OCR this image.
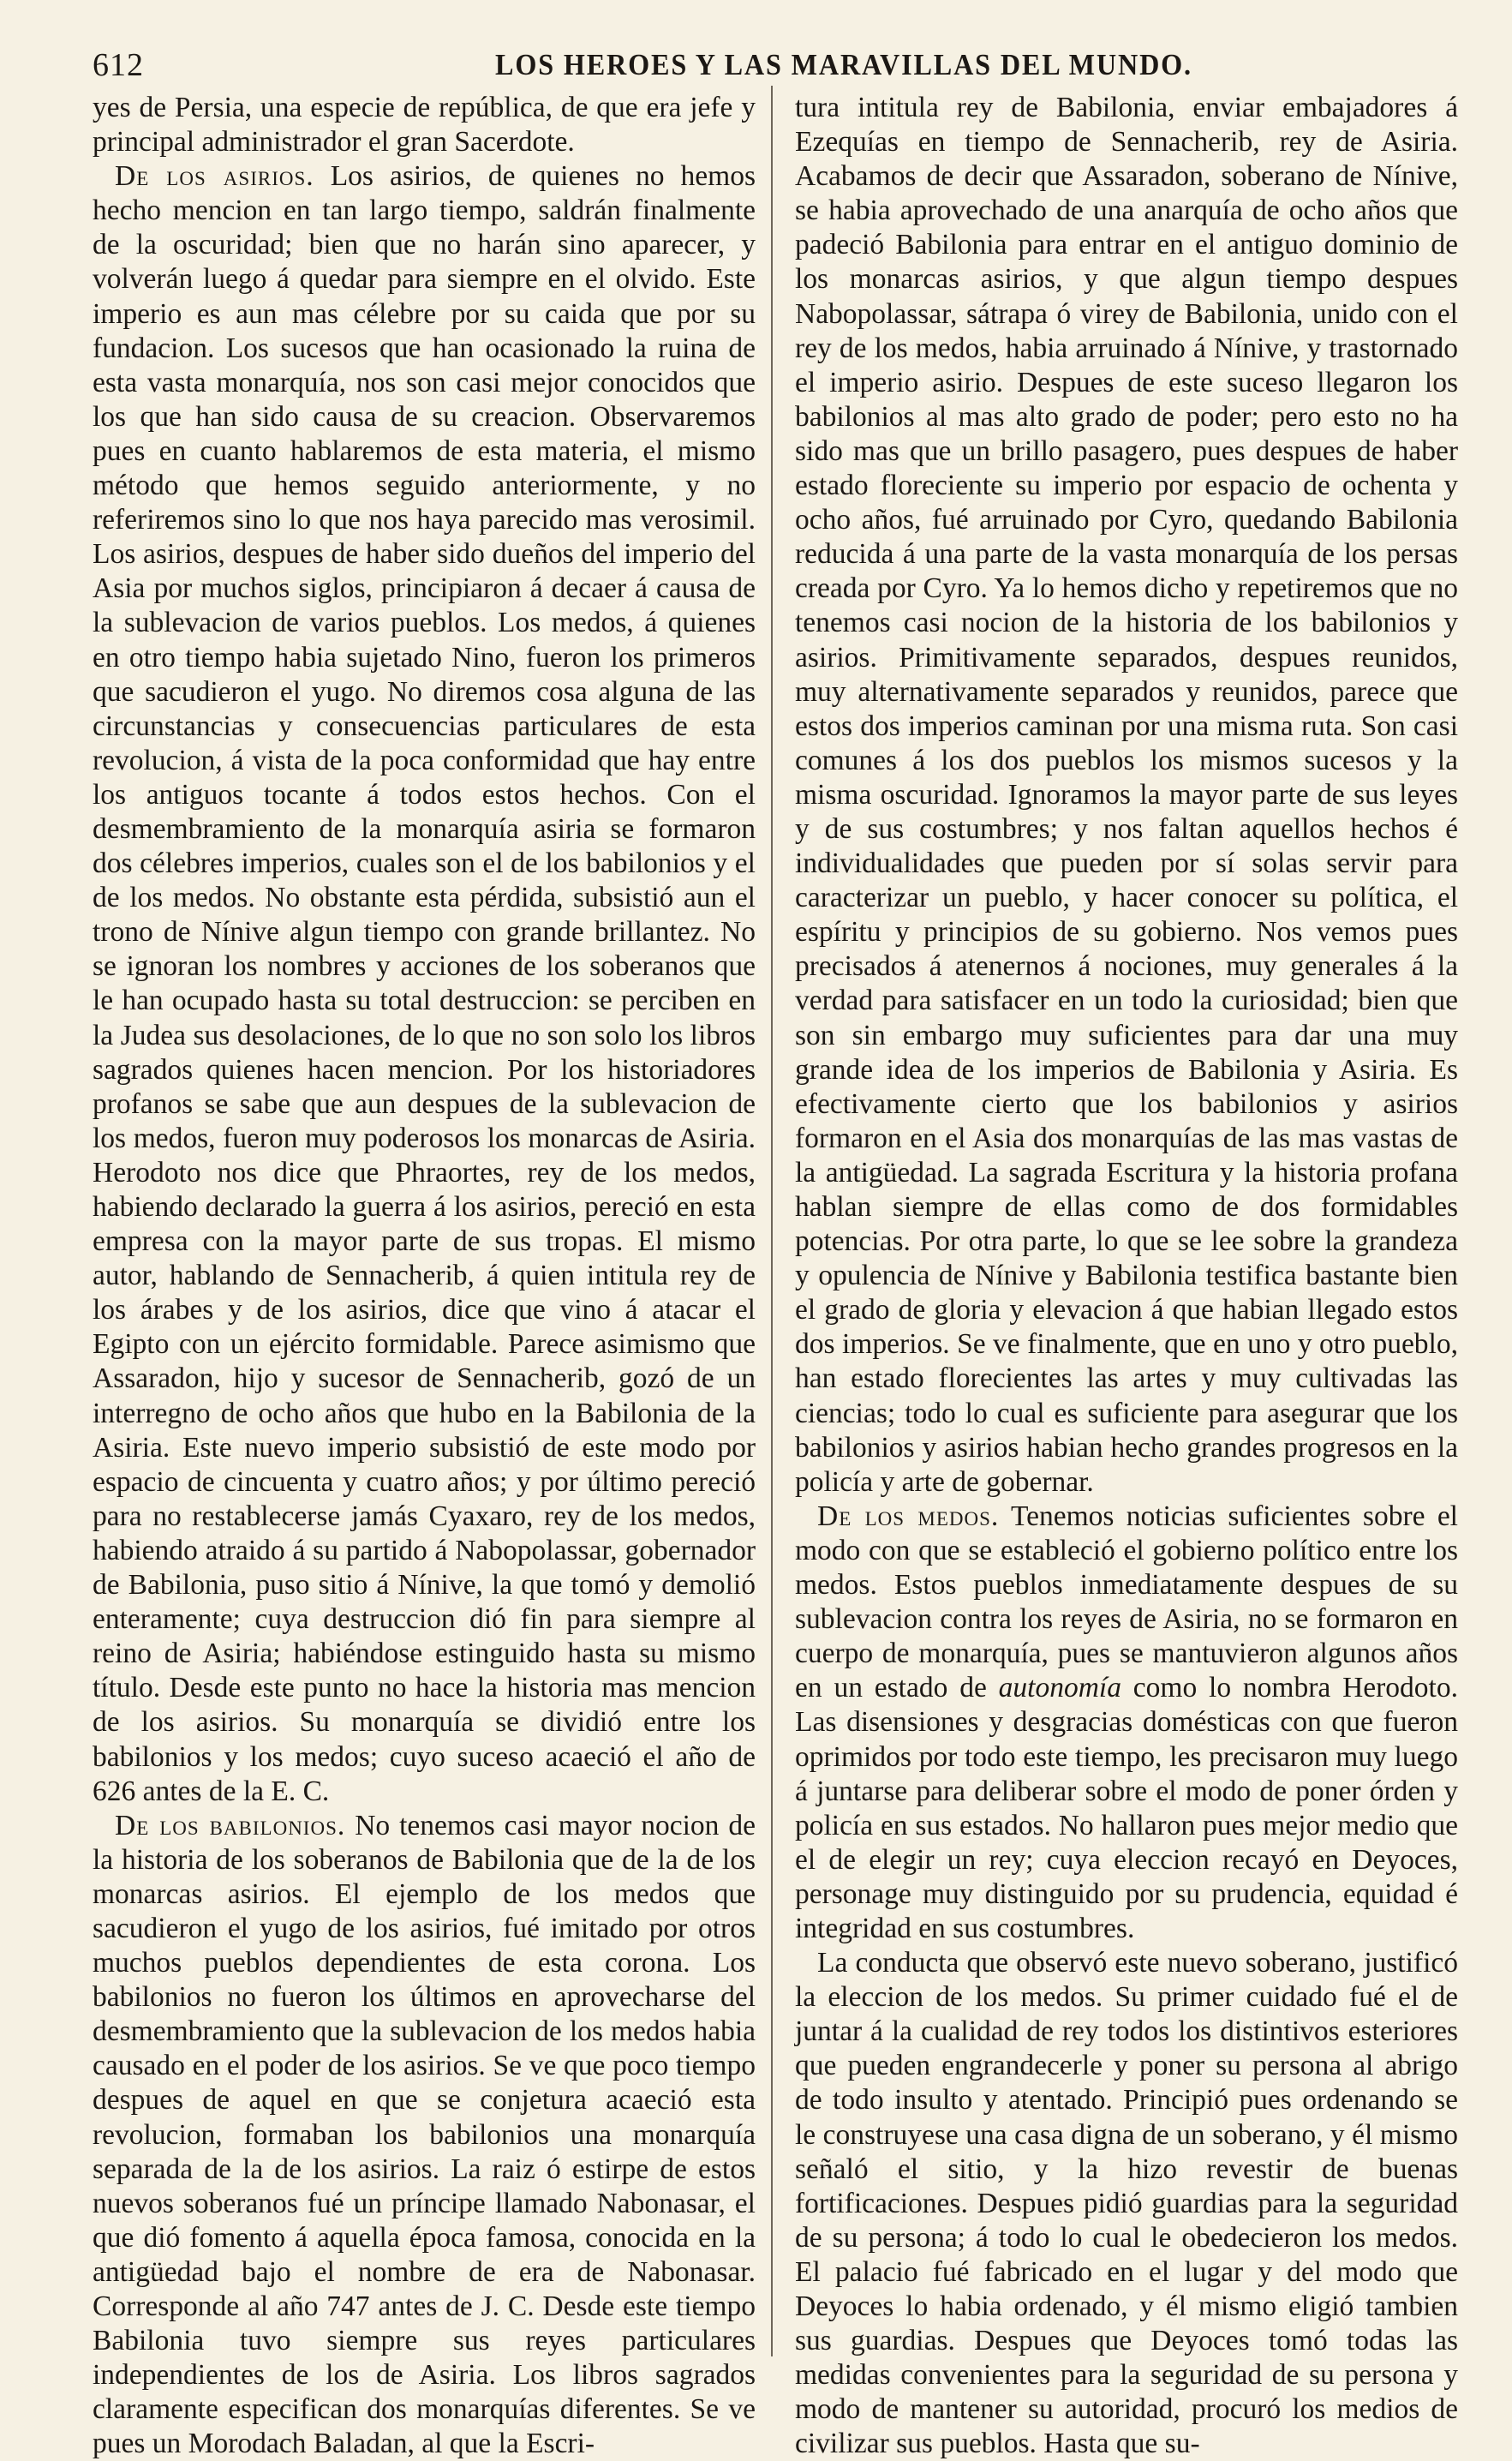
612	LOS HEROES Y LAS MARAVILLAS DEL MUNDO.

yes de Persia, una especie de república, de que era jefe y principal administrador el gran Sacerdote.

De los asirios. Los asirios, de quienes no hemos hecho mencion en tan largo tiempo, saldrán finalmente de la oscuridad; bien que no harán sino aparecer, y volverán luego á quedar para siempre en el olvido. Este imperio es aun mas célebre por su caida que por su fundacion. Los sucesos que han ocasionado la ruina de esta vasta monarquía, nos son casi mejor conocidos que los que han sido causa de su creacion. Observaremos pues en cuanto hablaremos de esta materia, el mismo método que hemos seguido anteriormente, y no referiremos sino lo que nos haya parecido mas verosimil. Los asirios, despues de haber sido dueños del imperio del Asia por muchos siglos, principiaron á decaer á causa de la sublevacion de varios pueblos. Los medos, á quienes en otro tiempo habia sujetado Nino, fueron los primeros que sacudieron el yugo. No diremos cosa alguna de las circunstancias y consecuencias particulares de esta revolucion, á vista de la poca conformidad que hay entre los antiguos tocante á todos estos hechos. Con el desmembramiento de la monarquía asiria se formaron dos célebres imperios, cuales son el de los babilonios y el de los medos. No obstante esta pérdida, subsistió aun el trono de Nínive algun tiempo con grande brillantez. No se ignoran los nombres y acciones de los soberanos que le han ocupado hasta su total destruccion: se perciben en la Judea sus desolaciones, de lo que no son solo los libros sagrados quienes hacen mencion. Por los historiadores profanos se sabe que aun despues de la sublevacion de los medos, fueron muy poderosos los monarcas de Asiria. Herodoto nos dice que Phraortes, rey de los medos, habiendo declarado la guerra á los asirios, pereció en esta empresa con la mayor parte de sus tropas. El mismo autor, hablando de Sennacherib, á quien intitula rey de los árabes y de los asirios, dice que vino á atacar el Egipto con un ejército formidable. Parece asimismo que Assaradon, hijo y sucesor de Sennacherib, gozó de un interregno de ocho años que hubo en la Babilonia de la Asiria. Este nuevo imperio subsistió de este modo por espacio de cincuenta y cuatro años; y por último pereció para no restablecerse jamás Cyaxaro, rey de los medos, habiendo atraido á su partido á Nabopolassar, gobernador de Babilonia, puso sitio á Nínive, la que tomó y demolió enteramente; cuya destruccion dió fin para siempre al reino de Asiria; habiéndose estinguido hasta su mismo título. Desde este punto no hace la historia mas mencion de los asirios. Su monarquía se dividió entre los babilonios y los medos; cuyo suceso acaeció el año de 626 antes de la E. C.

De los babilonios. No tenemos casi mayor nocion de la historia de los soberanos de Babilonia que de la de los monarcas asirios. El ejemplo de los medos que sacudieron el yugo de los asirios, fué imitado por otros muchos pueblos dependientes de esta corona. Los babilonios no fueron los últimos en aprovecharse del desmembramiento que la sublevacion de los medos habia causado en el poder de los asirios. Se ve que poco tiempo despues de aquel en que se conjetura acaeció esta revolucion, formaban los babilonios una monarquía separada de la de los asirios. La raiz ó estirpe de estos nuevos soberanos fué un príncipe llamado Nabonasar, el que dió fomento á aquella época famosa, conocida en la antigüedad bajo el nombre de era de Nabonasar. Corresponde al año 747 antes de J. C. Desde este tiempo Babilonia tuvo siempre sus reyes particulares independientes de los de Asiria. Los libros sagrados claramente especifican dos monarquías diferentes. Se ve pues un Morodach Baladan, al que la Escri-

tura intitula rey de Babilonia, enviar embajadores á Ezequías en tiempo de Sennacherib, rey de Asiria. Acabamos de decir que Assaradon, soberano de Nínive, se habia aprovechado de una anarquía de ocho años que padeció Babilonia para entrar en el antiguo dominio de los monarcas asirios, y que algun tiempo despues Nabopolassar, sátrapa ó virey de Babilonia, unido con el rey de los medos, habia arruinado á Nínive, y trastornado el imperio asirio. Despues de este suceso llegaron los babilonios al mas alto grado de poder; pero esto no ha sido mas que un brillo pasagero, pues despues de haber estado floreciente su imperio por espacio de ochenta y ocho años, fué arruinado por Cyro, quedando Babilonia reducida á una parte de la vasta monarquía de los persas creada por Cyro. Ya lo hemos dicho y repetiremos que no tenemos casi nocion de la historia de los babilonios y asirios. Primitivamente separados, despues reunidos, muy alternativamente separados y reunidos, parece que estos dos imperios caminan por una misma ruta. Son casi comunes á los dos pueblos los mismos sucesos y la misma oscuridad. Ignoramos la mayor parte de sus leyes y de sus costumbres; y nos faltan aquellos hechos é individualidades que pueden por sí solas servir para caracterizar un pueblo, y hacer conocer su política, el espíritu y principios de su gobierno. Nos vemos pues precisados á atenernos á nociones, muy generales á la verdad para satisfacer en un todo la curiosidad; bien que son sin embargo muy suficientes para dar una muy grande idea de los imperios de Babilonia y Asiria. Es efectivamente cierto que los babilonios y asirios formaron en el Asia dos monarquías de las mas vastas de la antigüedad. La sagrada Escritura y la historia profana hablan siempre de ellas como de dos formidables potencias. Por otra parte, lo que se lee sobre la grandeza y opulencia de Nínive y Babilonia testifica bastante bien el grado de gloria y elevacion á que habian llegado estos dos imperios. Se ve finalmente, que en uno y otro pueblo, han estado florecientes las artes y muy cultivadas las ciencias; todo lo cual es suficiente para asegurar que los babilonios y asirios habian hecho grandes progresos en la policía y arte de gobernar.

De los medos. Tenemos noticias suficientes sobre el modo con que se estableció el gobierno político entre los medos. Estos pueblos inmediatamente despues de su sublevacion contra los reyes de Asiria, no se formaron en cuerpo de monarquía, pues se mantuvieron algunos años en un estado de autonomía como lo nombra Herodoto. Las disensiones y desgracias domésticas con que fueron oprimidos por todo este tiempo, les precisaron muy luego á juntarse para deliberar sobre el modo de poner órden y policía en sus estados. No hallaron pues mejor medio que el de elegir un rey; cuya eleccion recayó en Deyoces, personage muy distinguido por su prudencia, equidad é integridad en sus costumbres.

La conducta que observó este nuevo soberano, justificó la eleccion de los medos. Su primer cuidado fué el de juntar á la cualidad de rey todos los distintivos esteriores que pueden engrandecerle y poner su persona al abrigo de todo insulto y atentado. Principió pues ordenando se le construyese una casa digna de un soberano, y él mismo señaló el sitio, y la hizo revestir de buenas fortificaciones. Despues pidió guardias para la seguridad de su persona; á todo lo cual le obedecieron los medos. El palacio fué fabricado en el lugar y del modo que Deyoces lo habia ordenado, y él mismo eligió tambien sus guardias. Despues que Deyoces tomó todas las medidas convenientes para la seguridad de su persona y modo de mantener su autoridad, procuró los medios de civilizar sus pueblos. Hasta que su-
